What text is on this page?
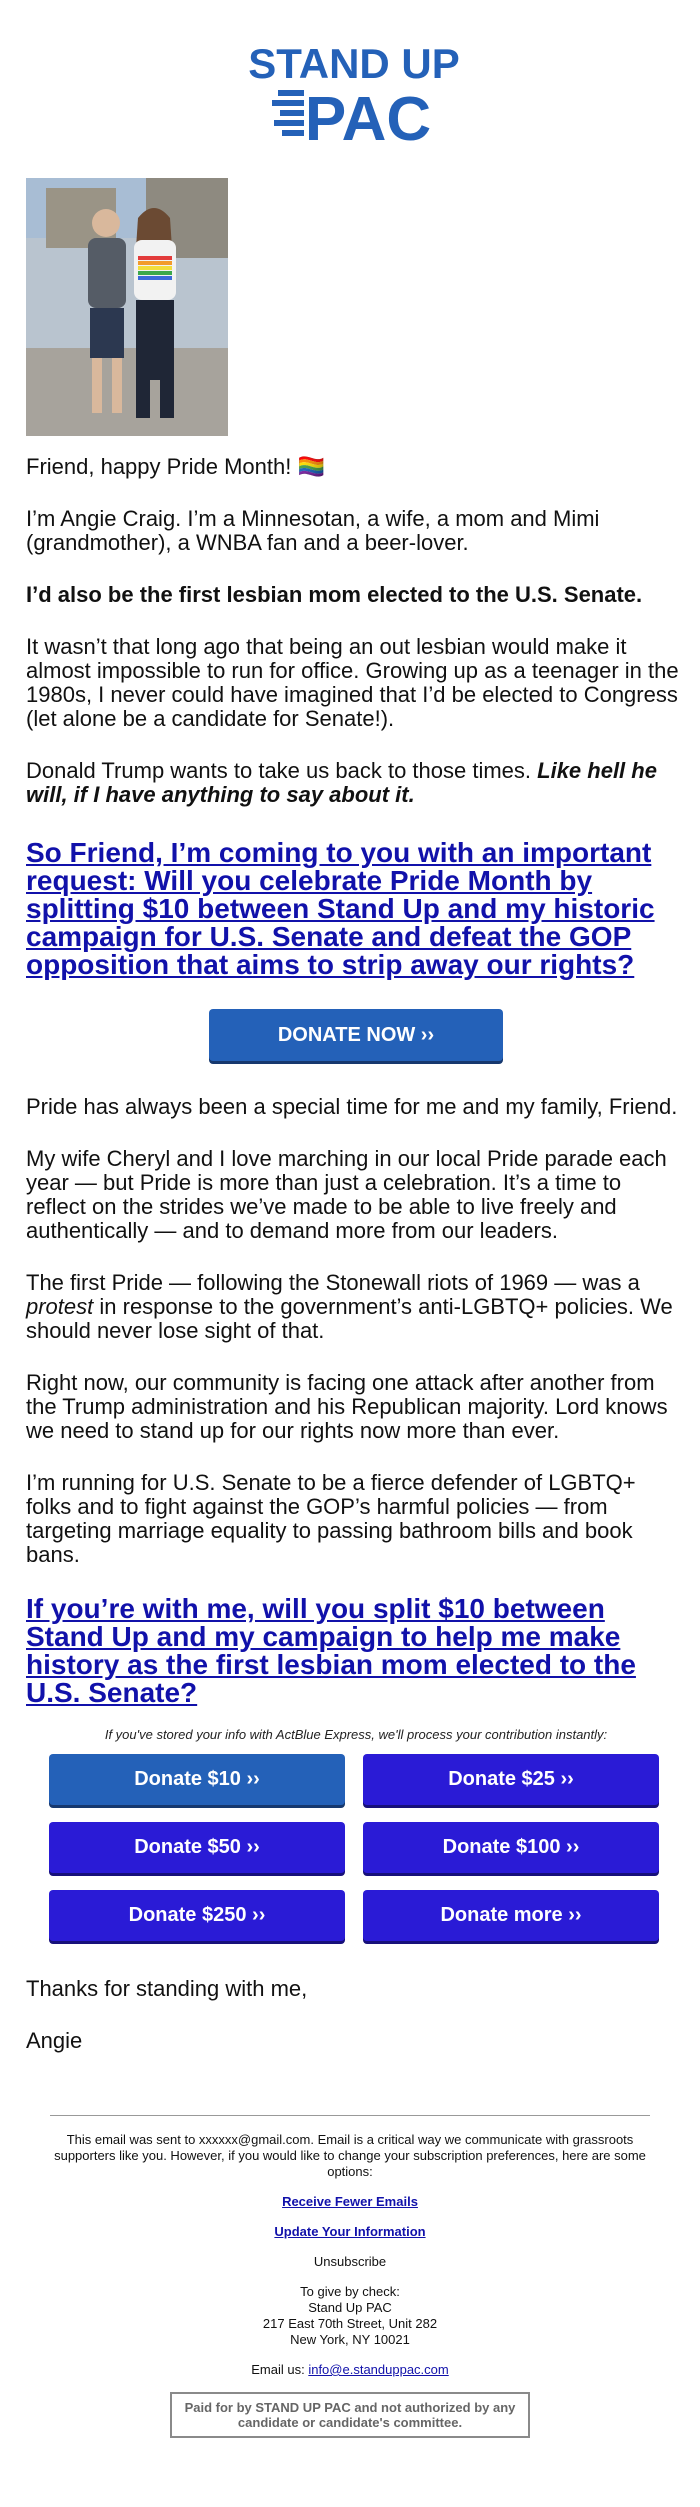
STAND UP
PAC

Friend, happy Pride Month! 🏳️‍🌈

I’m Angie Craig. I’m a Minnesotan, a wife, a mom and Mimi (grandmother), a WNBA fan and a beer-lover.

I’d also be the first lesbian mom elected to the U.S. Senate.

It wasn’t that long ago that being an out lesbian would make it almost impossible to run for office. Growing up as a teenager in the 1980s, I never could have imagined that I’d be elected to Congress (let alone be a candidate for Senate!).

Donald Trump wants to take us back to those times. Like hell he will, if I have anything to say about it.

So Friend, I’m coming to you with an important request: Will you celebrate Pride Month by splitting $10 between Stand Up and my historic campaign for U.S. Senate and defeat the GOP opposition that aims to strip away our rights?
DONATE NOW ››

Pride has always been a special time for me and my family, Friend.

My wife Cheryl and I love marching in our local Pride parade each year — but Pride is more than just a celebration. It’s a time to reflect on the strides we’ve made to be able to live freely and authentically — and to demand more from our leaders.

The first Pride — following the Stonewall riots of 1969 — was a protest in response to the government’s anti-LGBTQ+ policies. We should never lose sight of that.

Right now, our community is facing one attack after another from the Trump administration and his Republican majority. Lord knows we need to stand up for our rights now more than ever.

I’m running for U.S. Senate to be a fierce defender of LGBTQ+ folks and to fight against the GOP’s harmful policies — from targeting marriage equality to passing bathroom bills and book bans.

If you’re with me, will you split $10 between Stand Up and my campaign to help me make history as the first lesbian mom elected to the U.S. Senate?

If you've stored your info with ActBlue Express, we'll process your contribution instantly:

Donate $10 ››	Donate $25 ››
Donate $50 ››	Donate $100 ››
Donate $250 ››	Donate more ››

Thanks for standing with me,

Angie

This email was sent to xxxxxx@gmail.com. Email is a critical way we communicate with grassroots supporters like you. However, if you would like to change your subscription preferences, here are some options:

Receive Fewer Emails

Update Your Information

Unsubscribe

To give by check:

Stand Up PAC

217 East 70th Street, Unit 282

New York, NY 10021

Email us: info@e.standuppac.com

Paid for by STAND UP PAC and not authorized by any candidate or candidate's committee.
